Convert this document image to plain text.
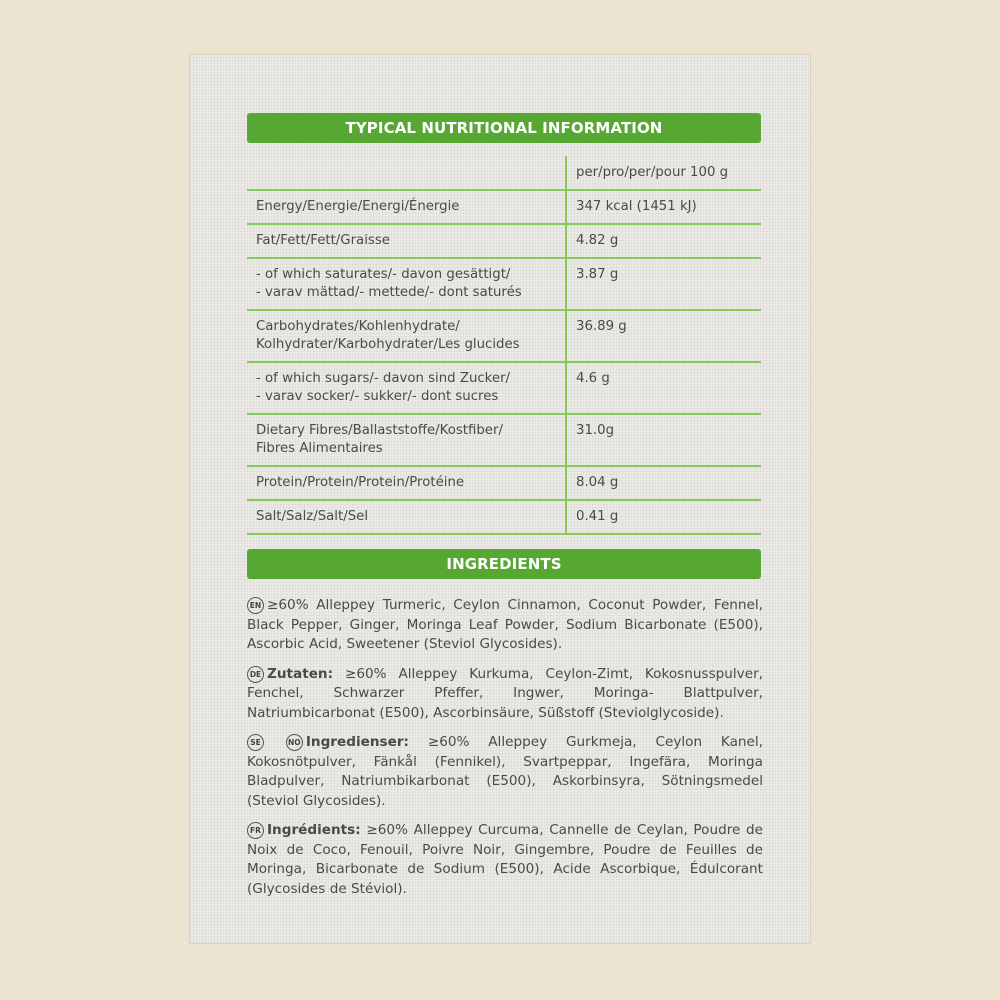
TYPICAL NUTRITIONAL INFORMATION
	per/pro/per/pour 100 g
Energy/Energie/Energi/Énergie	347 kcal (1451 kJ)
Fat/Fett/Fett/Graisse	4.82 g
- of which saturates/- davon gesättigt/
- varav mättad/- mettede/- dont saturés	3.87 g
Carbohydrates/Kohlenhydrate/
Kolhydrater/Karbohydrater/Les glucides	36.89 g
- of which sugars/- davon sind Zucker/
- varav socker/- sukker/- dont sucres	4.6 g
Dietary Fibres/Ballaststoffe/Kostfiber/
Fibres Alimentaires	31.0g
Protein/Protein/Protein/Protéine	8.04 g
Salt/Salz/Salt/Sel	0.41 g
INGREDIENTS

EN ≥60% Alleppey Turmeric, Ceylon Cinnamon, Coconut Powder, Fennel, Black Pepper, Ginger, Moringa Leaf Powder, Sodium Bicarbonate (E500), Ascorbic Acid, Sweetener (Steviol Glycosides).

DE Zutaten: ≥60% Alleppey Kurkuma, Ceylon-Zimt, Kokosnusspulver, Fenchel, Schwarzer Pfeffer, Ingwer, Moringa- Blattpulver, Natriumbicarbonat (E500), Ascorbinsäure, Süßstoff (Steviolglycoside).

SE	NO Ingredienser: ≥60% Alleppey Gurkmeja, Ceylon Kanel, Kokosnötpulver, Fänkål (Fennikel), Svartpeppar, Ingefära, Moringa Bladpulver, Natriumbikarbonat (E500), Askorbinsyra, Sötningsmedel (Steviol Glycosides).

FR Ingrédients: ≥60% Alleppey Curcuma, Cannelle de Ceylan, Poudre de Noix de Coco, Fenouil, Poivre Noir, Gingembre, Poudre de Feuilles de Moringa, Bicarbonate de Sodium (E500), Acide Ascorbique, Édulcorant (Glycosides de Stéviol).
